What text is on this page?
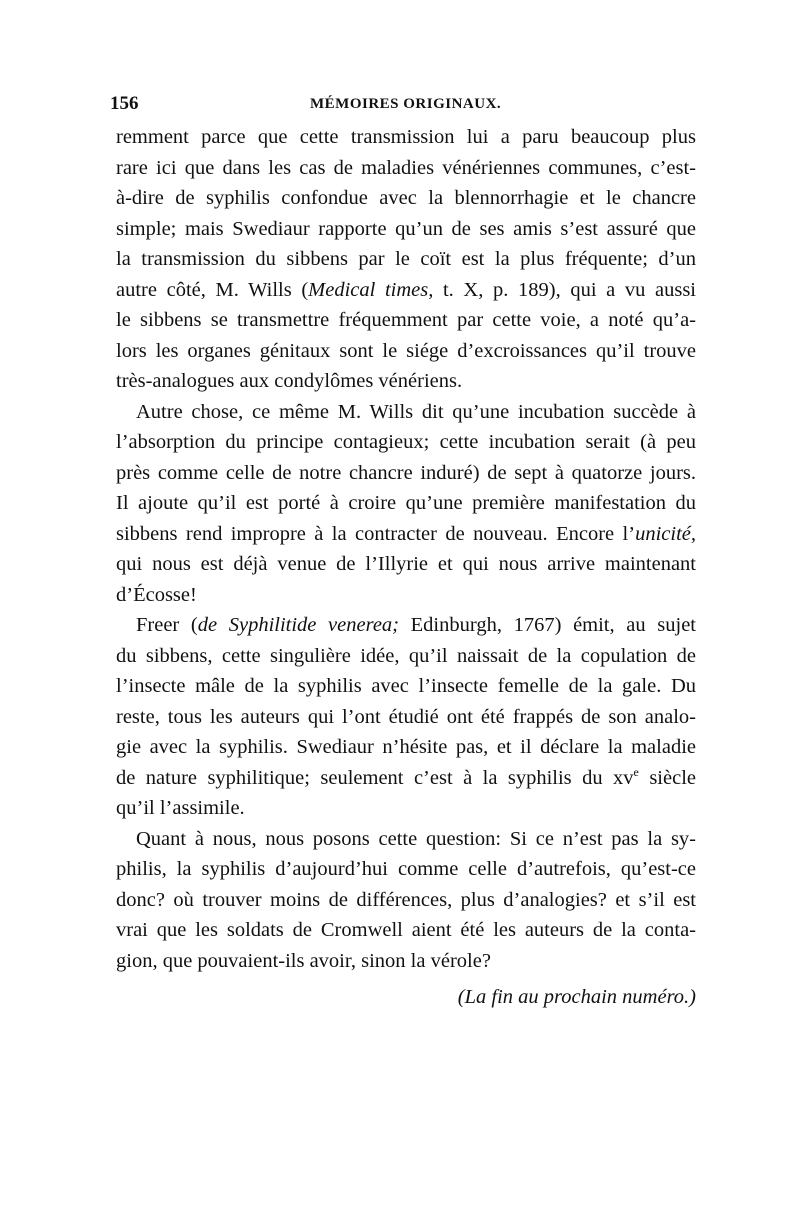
156	MÉMOIRES ORIGINAUX.
remment parce que cette transmission lui a paru beaucoup plus
rare ici que dans les cas de maladies vénériennes communes, c’est-
à-dire de syphilis confondue avec la blennorrhagie et le chancre
simple; mais Swediaur rapporte qu’un de ses amis s’est assuré que
la transmission du sibbens par le coït est la plus fréquente; d’un
autre côté, M. Wills (Medical times, t. X, p. 189), qui a vu aussi
le sibbens se transmettre fréquemment par cette voie, a noté qu’a-
lors les organes génitaux sont le siége d’excroissances qu’il trouve
très-analogues aux condylômes vénériens.
Autre chose, ce même M. Wills dit qu’une incubation succède à
l’absorption du principe contagieux; cette incubation serait (à peu
près comme celle de notre chancre induré) de sept à quatorze jours.
Il ajoute qu’il est porté à croire qu’une première manifestation du
sibbens rend impropre à la contracter de nouveau. Encore l’unicité,
qui nous est déjà venue de l’Illyrie et qui nous arrive maintenant
d’Écosse!
Freer (de Syphilitide venerea; Edinburgh, 1767) émit, au sujet
du sibbens, cette singulière idée, qu’il naissait de la copulation de
l’insecte mâle de la syphilis avec l’insecte femelle de la gale. Du
reste, tous les auteurs qui l’ont étudié ont été frappés de son analo-
gie avec la syphilis. Swediaur n’hésite pas, et il déclare la maladie
de nature syphilitique; seulement c’est à la syphilis du $xv^e$ siècle
qu’il l’assimile.
Quant à nous, nous posons cette question: Si ce n’est pas la sy-
philis, la syphilis d’aujourd’hui comme celle d’autrefois, qu’est-ce
donc? où trouver moins de différences, plus d’analogies? et s’il est
vrai que les soldats de Cromwell aient été les auteurs de la conta-
gion, que pouvaient-ils avoir, sinon la vérole?
(La fin au prochain numéro.)
